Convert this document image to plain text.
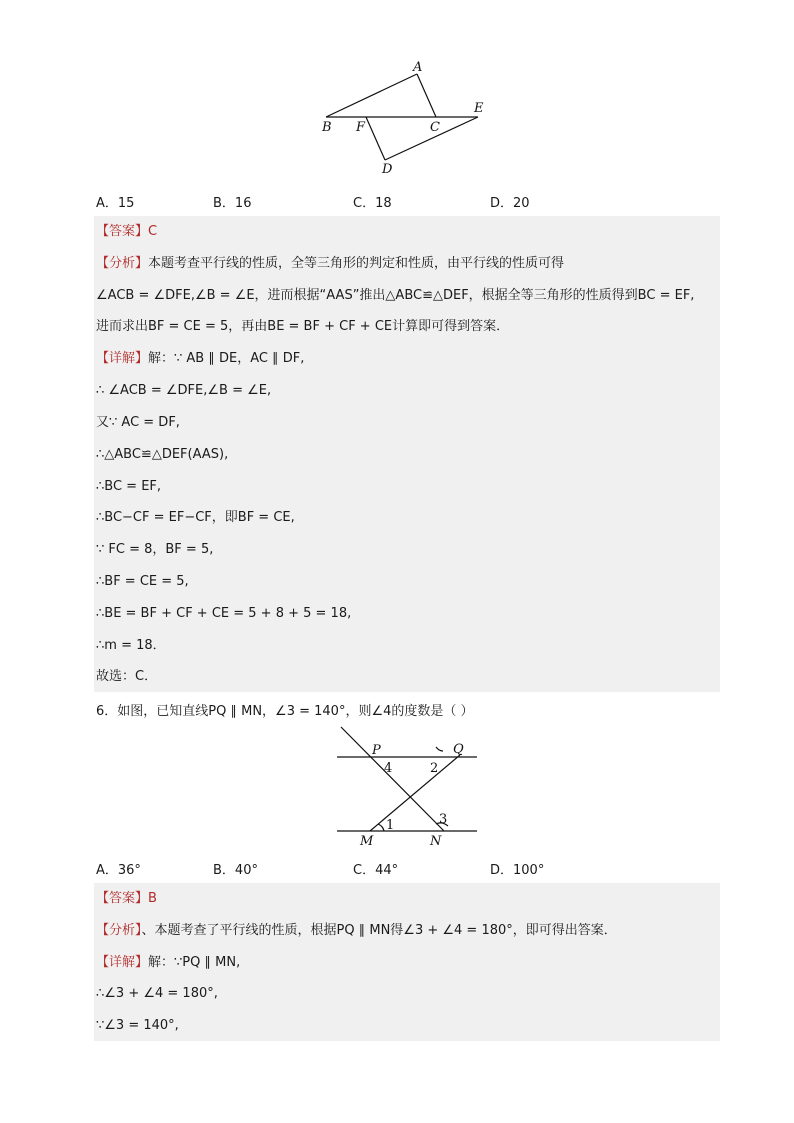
A
B F	C
E
D
A．15	B．16	C．18	D．20
【答案】C
【分析】本题考查平行线的性质，全等三角形的判定和性质，由平行线的性质可得
∠ACB = ∠DFE,∠B = ∠E，进而根据“AAS”推出△ABC≌△DEF，根据全等三角形的性质得到BC = EF,
进而求出BF = CE = 5，再由BE = BF + CF + CE计算即可得到答案．
【详解】解：∵ AB ∥ DE，AC ∥ DF,
∴ ∠ACB = ∠DFE,∠B = ∠E,
又∵ AC = DF,
∴△ABC≌△DEF(AAS),
∴BC = EF,
∴BC−CF = EF−CF，即BF = CE,
∵ FC = 8，BF = 5,
∴BF = CE = 5,
∴BE = BF + CF + CE = 5 + 8 + 5 = 18,
∴m = 18．
故选：C．
6．如图，已知直线PQ ∥ MN，∠3 = 140°，则∠4的度数是（ ）
P	Q
M	N
4	2
1	3
A．36°	B．40°	C．44°	D．100°
【答案】B
【分析】、本题考查了平行线的性质，根据PQ ∥ MN得∠3 + ∠4 = 180°，即可得出答案．
【详解】解：∵PQ ∥ MN,
∴∠3 + ∠4 = 180°,
∵∠3 = 140°,
